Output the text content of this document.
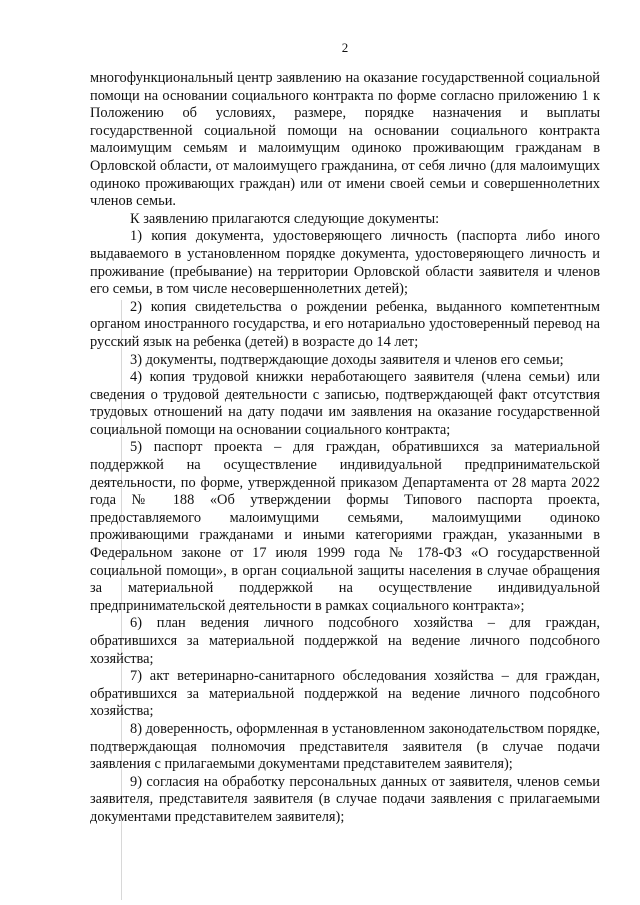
2

многофункциональный центр заявлению на оказание государственной социальной помощи на основании социального контракта по форме согласно приложению 1 к Положению об условиях, размере, порядке назначения и выплаты государственной социальной помощи на основании социального контракта малоимущим семьям и малоимущим одиноко проживающим гражданам в Орловской области, от малоимущего гражданина, от себя лично (для малоимущих одиноко проживающих граждан) или от имени своей семьи и совершеннолетних членов семьи.

К заявлению прилагаются следующие документы:

1) копия документа, удостоверяющего личность (паспорта либо иного выдаваемого в установленном порядке документа, удостоверяющего личность и проживание (пребывание) на территории Орловской области заявителя и членов его семьи, в том числе несовершеннолетних детей);

2) копия свидетельства о рождении ребенка, выданного компетентным органом иностранного государства, и его нотариально удостоверенный перевод на русский язык на ребенка (детей) в возрасте до 14 лет;

3) документы, подтверждающие доходы заявителя и членов его семьи;

4) копия трудовой книжки неработающего заявителя (члена семьи) или сведения о трудовой деятельности с записью, подтверждающей факт отсутствия трудовых отношений на дату подачи им заявления на оказание государственной социальной помощи на основании социального контракта;

5) паспорт проекта – для граждан, обратившихся за материальной поддержкой на осуществление индивидуальной предпринимательской деятельности, по форме, утвержденной приказом Департамента от 28 марта 2022 года № 188 «Об утверждении формы Типового паспорта проекта, предоставляемого малоимущими семьями, малоимущими одиноко проживающими гражданами и иными категориями граждан, указанными в Федеральном законе от 17 июля 1999 года № 178-ФЗ «О государственной социальной помощи», в орган социальной защиты населения в случае обращения за материальной поддержкой на осуществление индивидуальной предпринимательской деятельности в рамках социального контракта»;

6) план ведения личного подсобного хозяйства – для граждан, обратившихся за материальной поддержкой на ведение личного подсобного хозяйства;

7) акт ветеринарно-санитарного обследования хозяйства – для граждан, обратившихся за материальной поддержкой на ведение личного подсобного хозяйства;

8) доверенность, оформленная в установленном законодательством порядке, подтверждающая полномочия представителя заявителя (в случае подачи заявления с прилагаемыми документами представителем заявителя);

9) согласия на обработку персональных данных от заявителя, членов семьи заявителя, представителя заявителя (в случае подачи заявления с прилагаемыми документами представителем заявителя);
